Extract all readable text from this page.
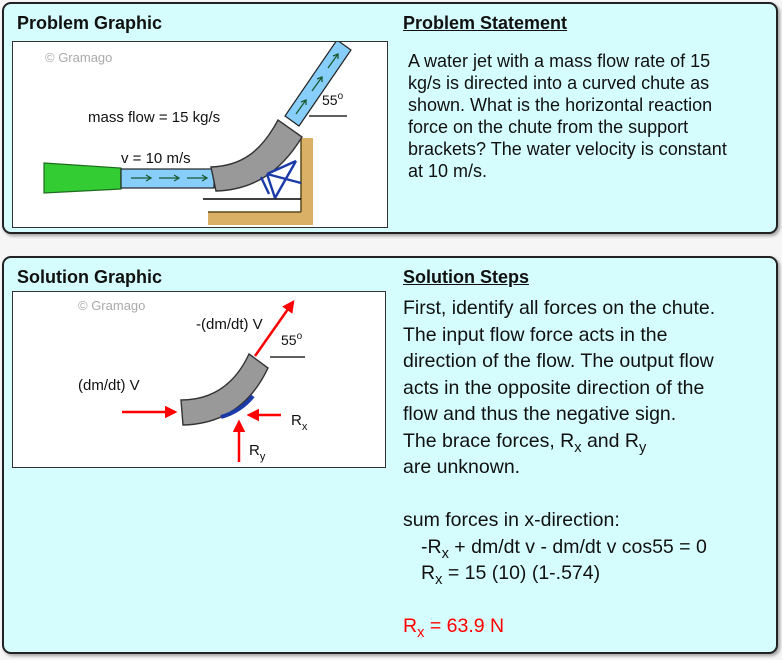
Problem Graphic	Problem Statement
© Gramago
mass flow = 15 kg/s
v = 10 m/s
55$^o$
A water jet with a mass flow rate of 15
kg/s is directed into a curved chute as
shown. What is the horizontal reaction
force on the chute from the support
brackets? The water velocity is constant
at 10 m/s.
Solution Graphic	Solution Steps
© Gramago
-(dm/dt) V
55$^o$
(dm/dt) V
$R_x$
$R_y$
First, identify all forces on the chute.
The input flow force acts in the
direction of the flow. The output flow
acts in the opposite direction of the
flow and thus the negative sign.
The brace forces, $R_x$ and $R_y$
are unknown.
sum forces in x-direction:
$-R_x + dm/dt$ v - dm/dt v cos55 = 0
$R_x = 15$ (10) (1-.574)
$R_x = 63.9$ N
